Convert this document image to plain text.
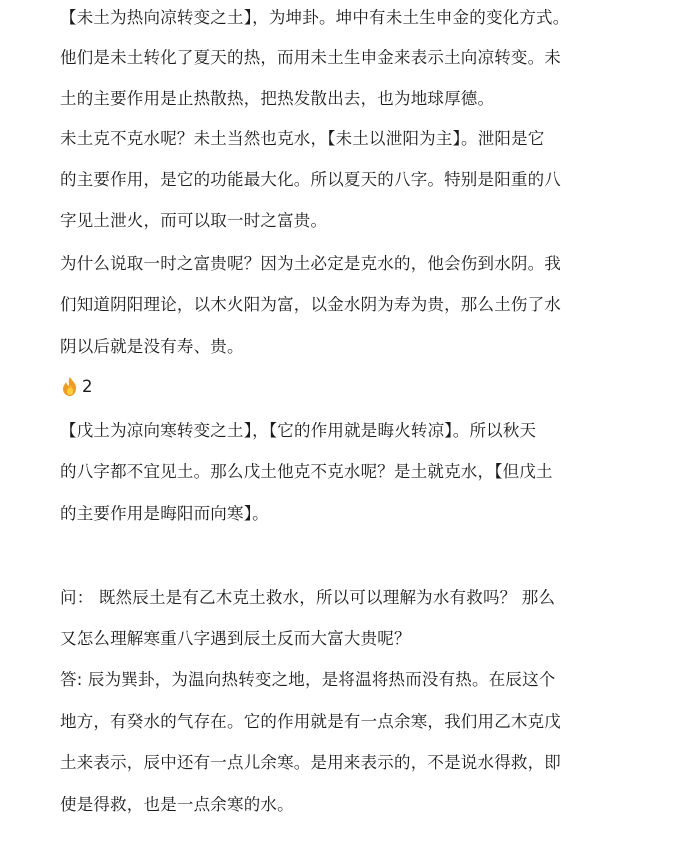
【未土为热向凉转变之土】，为坤卦。坤中有未土生申金的变化方式。
他们是未土转化了夏天的热，而用未土生申金来表示土向凉转变。未
土的主要作用是止热散热，把热发散出去，也为地球厚德。
未土克不克水呢？未土当然也克水，【未土以泄阳为主】。泄阳是它
的主要作用，是它的功能最大化。所以夏天的八字。特别是阳重的八
字见土泄火，而可以取一时之富贵。
为什么说取一时之富贵呢？因为土必定是克水的，他会伤到水阴。我
们知道阴阳理论，以木火阳为富，以金水阴为寿为贵，那么土伤了水
阴以后就是没有寿、贵。
2
【戊土为凉向寒转变之土】，【它的作用就是晦火转凉】。所以秋天
的八字都不宜见土。那么戊土他克不克水呢？是土就克水，【但戊土
的主要作用是晦阳而向寒】。
问： 既然辰土是有乙木克土救水，所以可以理解为水有救吗？ 那么
又怎么理解寒重八字遇到辰土反而大富大贵呢？
答: 辰为巽卦，为温向热转变之地，是将温将热而没有热。在辰这个
地方，有癸水的气存在。它的作用就是有一点余寒，我们用乙木克戊
土来表示，辰中还有一点儿余寒。是用来表示的，不是说水得救，即
使是得救，也是一点余寒的水。
